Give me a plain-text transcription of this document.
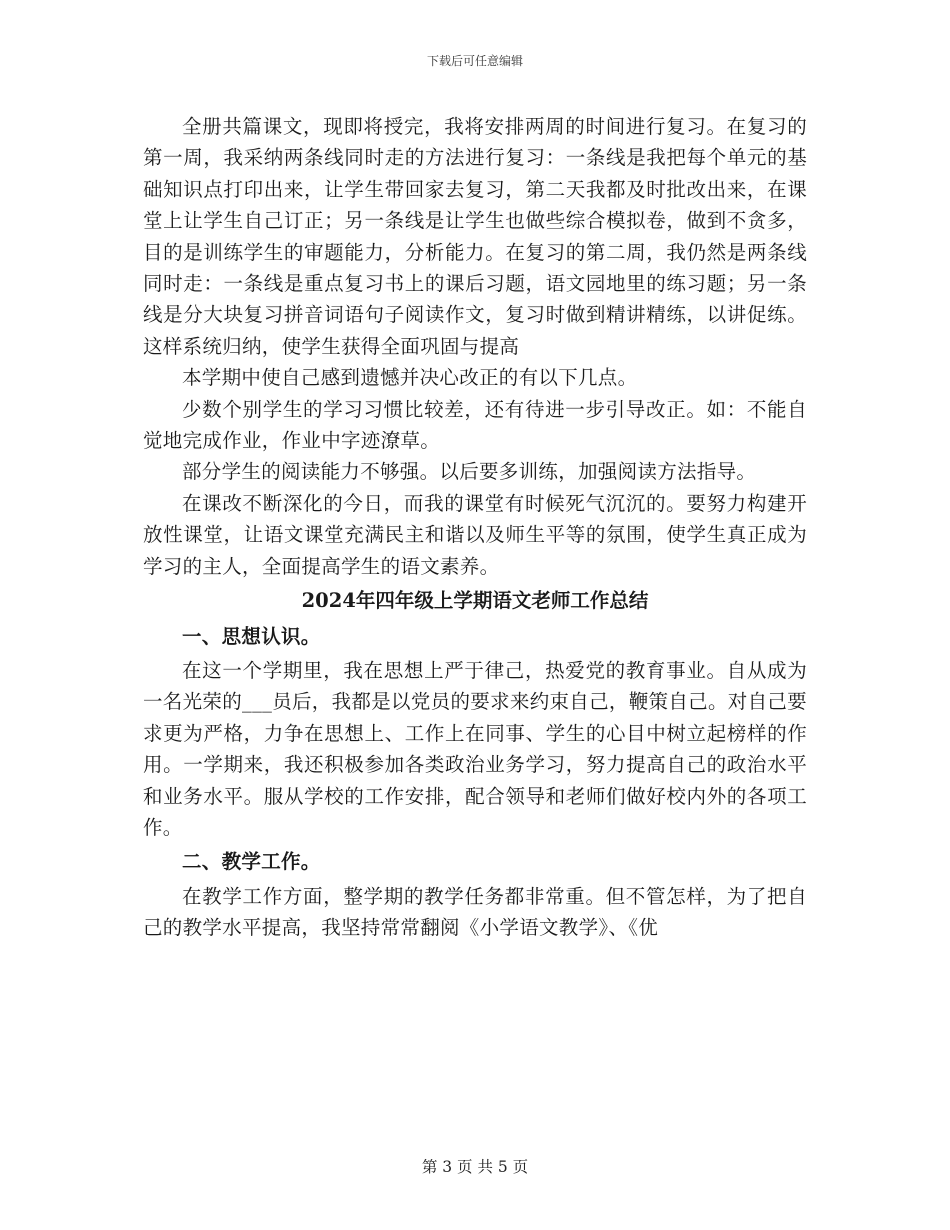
下载后可任意编辑

全册共篇课文，现即将授完，我将安排两周的时间进行复习。在复习的第一周，我采纳两条线同时走的方法进行复习：一条线是我把每个单元的基础知识点打印出来，让学生带回家去复习，第二天我都及时批改出来，在课堂上让学生自己订正；另一条线是让学生也做些综合模拟卷，做到不贪多，目的是训练学生的审题能力，分析能力。在复习的第二周，我仍然是两条线同时走：一条线是重点复习书上的课后习题，语文园地里的练习题；另一条线是分大块复习拼音词语句子阅读作文，复习时做到精讲精练，以讲促练。这样系统归纳，使学生获得全面巩固与提高

本学期中使自己感到遗憾并决心改正的有以下几点。

少数个别学生的学习习惯比较差，还有待进一步引导改正。如：不能自觉地完成作业，作业中字迹潦草。

部分学生的阅读能力不够强。以后要多训练，加强阅读方法指导。

在课改不断深化的今日，而我的课堂有时候死气沉沉的。要努力构建开放性课堂，让语文课堂充满民主和谐以及师生平等的氛围，使学生真正成为学习的主人，全面提高学生的语文素养。

2024年四年级上学期语文老师工作总结
一、思想认识。

在这一个学期里，我在思想上严于律己，热爱党的教育事业。自从成为一名光荣的___员后，我都是以党员的要求来约束自己，鞭策自己。对自己要求更为严格，力争在思想上、工作上在同事、学生的心目中树立起榜样的作用。一学期来，我还积极参加各类政治业务学习，努力提高自己的政治水平和业务水平。服从学校的工作安排，配合领导和老师们做好校内外的各项工作。

二、教学工作。

在教学工作方面，整学期的教学任务都非常重。但不管怎样，为了把自己的教学水平提高，我坚持常常翻阅《小学语文教学》、《优

第 3 页 共 5 页
